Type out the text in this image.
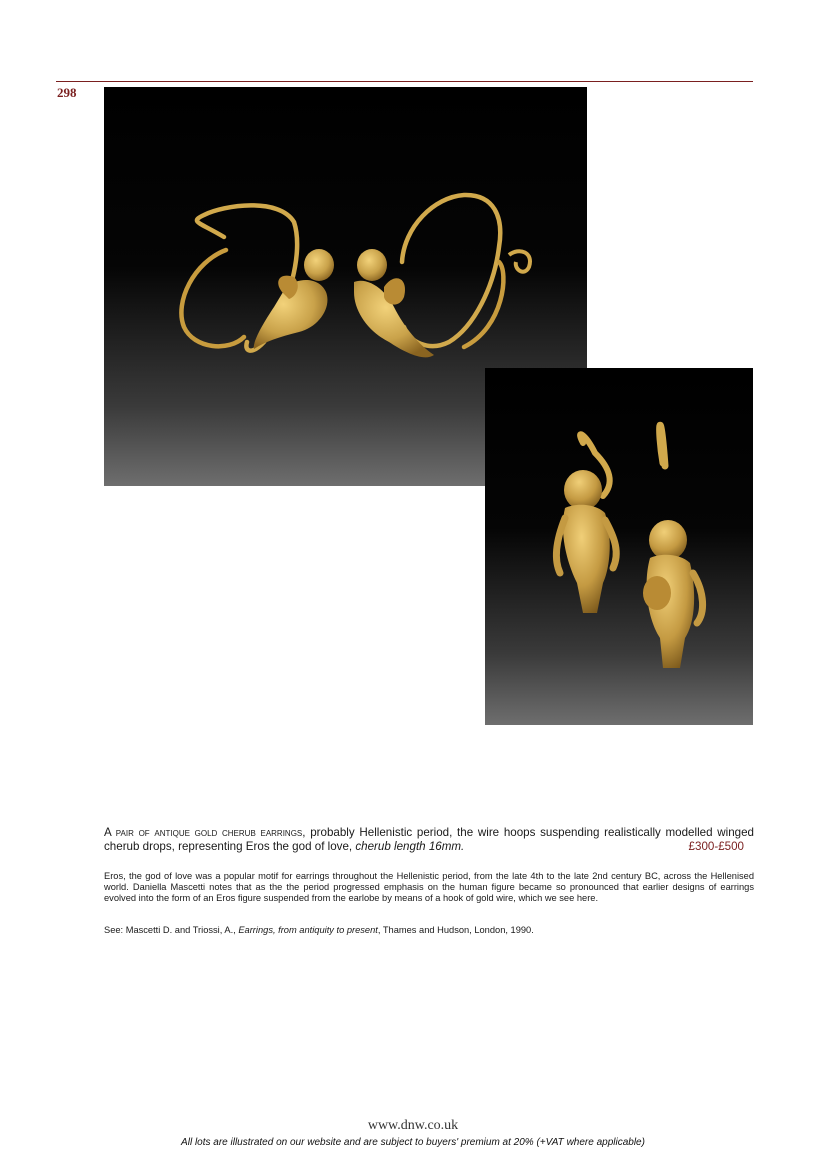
298
A pair of antique gold cherub earrings, probably Hellenistic period, the wire hoops suspending realistically modelled winged cherub drops, representing Eros the god of love, cherub length 16mm.	£300-£500
Eros, the god of love was a popular motif for earrings throughout the Hellenistic period, from the late 4th to the late 2nd century BC, across the Hellenised world. Daniella Mascetti notes that as the the period progressed emphasis on the human figure became so pronounced that earlier designs of earrings evolved into the form of an Eros figure suspended from the earlobe by means of a hook of gold wire, which we see here.
See: Mascetti D. and Triossi, A., Earrings, from antiquity to present, Thames and Hudson, London, 1990.
www.dnw.co.uk
All lots are illustrated on our website and are subject to buyers' premium at 20% (+VAT where applicable)
